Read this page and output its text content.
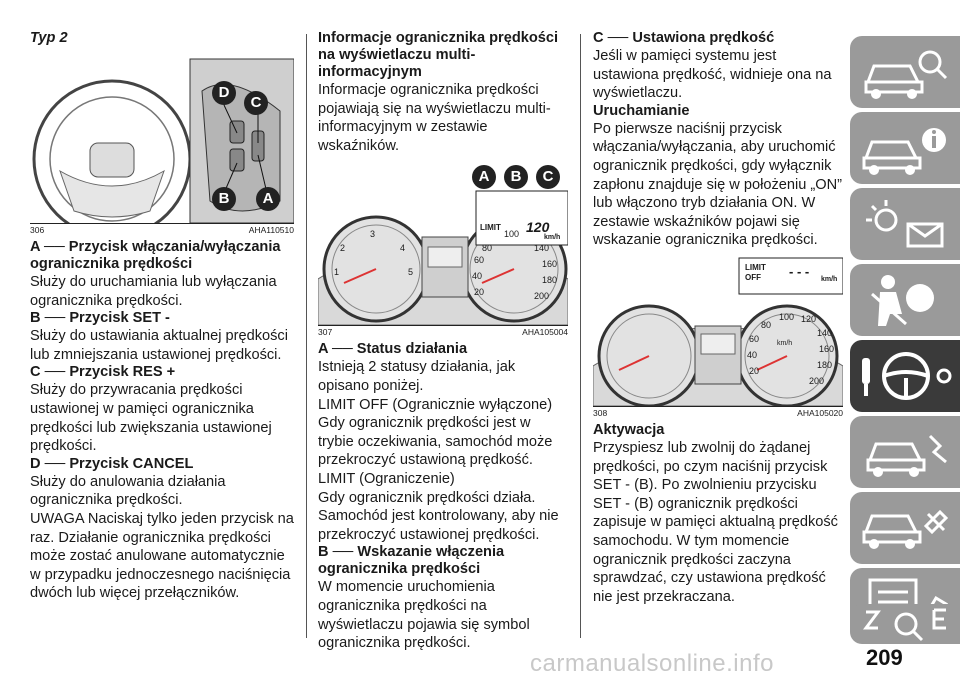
Typ 2
D
C
B	A
306	AHA110510
A ── Przycisk włączania/wyłączania ogranicznika prędkości

Służy do uruchamiania lub wyłączania ogranicznika prędkości.

B ── Przycisk SET -

Służy do ustawiania aktualnej prędkości lub zmniejszania ustawionej prędkości.

C ── Przycisk RES +

Służy do przywracania prędkości ustawionej w pamięci ogranicznika prędkości lub zwiększania ustawionej prędkości.

D ── Przycisk CANCEL

Służy do anulowania działania ogranicznika prędkości.

UWAGA Naciskaj tylko jeden przycisk na raz. Działanie ogranicznika prędkości może zostać anulowane automatycznie w przypadku jednoczesnego naciśnięcia dwóch lub więcej przełączników.

Informacje ogranicznika prędkości na wyświetlaczu multi-informacyjnym

Informacje ogranicznika prędkości pojawiają się na wyświetlaczu multi-informacyjnym w zestawie wskaźników.

3
4
5
2
1
80
100
60
40
20
140
160
180
200
LIMIT 120
km/h
A	B	C
307	AHA105004
A ── Status działania

Istnieją 2 statusy działania, jak opisano poniżej.

LIMIT OFF (Ogranicznie wyłączone)

Gdy ogranicznik prędkości jest w trybie oczekiwania, samochód może przekroczyć ustawioną prędkość.

LIMIT (Ograniczenie)

Gdy ogranicznik prędkości działa. Samochód jest kontrolowany, aby nie przekroczyć ustawionej prędkości.

B ── Wskazanie włączenia ogranicznika prędkości

W momencie uruchomienia ogranicznika prędkości na wyświetlaczu pojawia się symbol ogranicznika prędkości.

C ── Ustawiona prędkość

Jeśli w pamięci systemu jest ustawiona prędkość, widnieje ona na wyświetlaczu.

Uruchamianie

Po pierwsze naciśnij przycisk włączania/wyłączania, aby uruchomić ogranicznik prędkości, gdy wyłącznik zapłonu znajduje się w położeniu „ON” lub włączono tryb działania ON. W zestawie wskaźników pojawi się wskazanie ogranicznika prędkości.

80
100 120
60
140
40
160
20
180
200
km/h
LIMIT
OFF - - -
km/h
308	AHA105020
Aktywacja

Przyspiesz lub zwolnij do żądanej prędkości, po czym naciśnij przycisk SET - (B). Po zwolnieniu przycisku SET - (B) ogranicznik prędkości zapisuje w pamięci aktualną prędkość samochodu. W tym momencie ogranicznik prędkości zaczyna sprawdzać, czy ustawiona prędkość nie jest przekraczana.

carmanualsonline.info	209
